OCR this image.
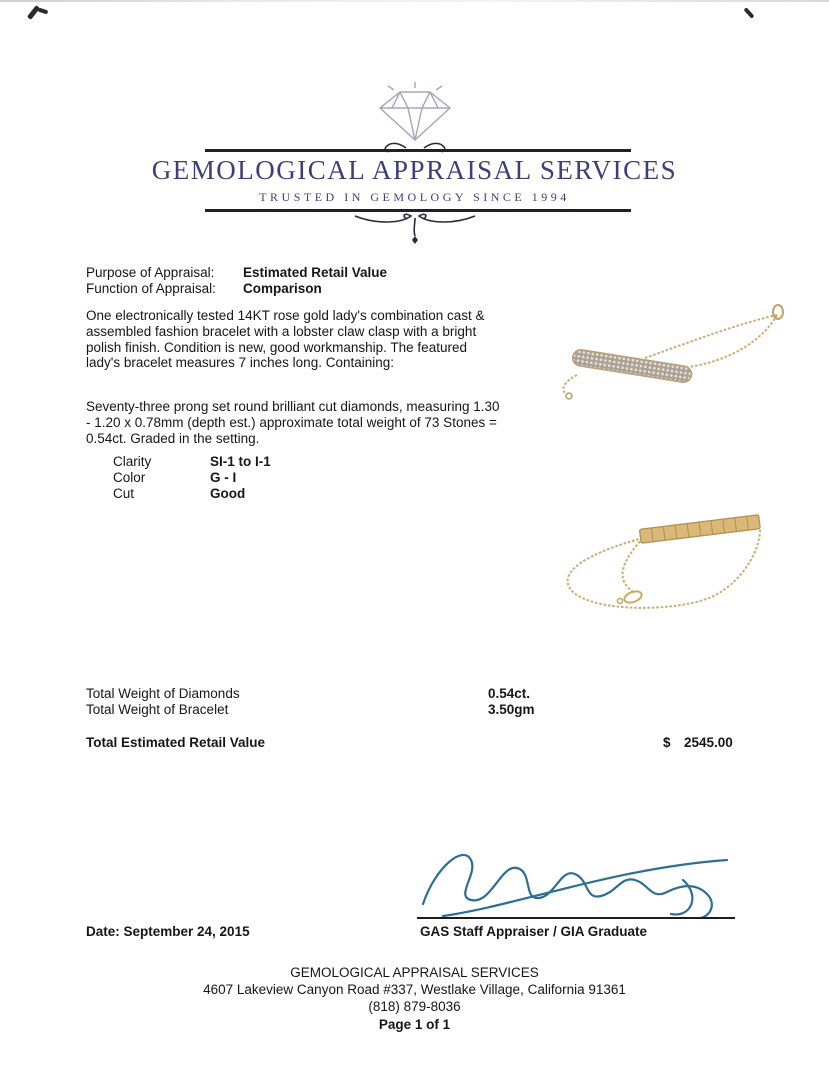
GEMOLOGICAL APPRAISAL SERVICES
TRUSTED IN GEMOLOGY SINCE 1994
Purpose of Appraisal: Estimated Retail Value
Function of Appraisal: Comparison
One electronically tested 14KT rose gold lady's combination cast & assembled fashion bracelet with a lobster claw clasp with a bright polish finish. Condition is new, good workmanship. The featured lady's bracelet measures 7 inches long. Containing:
Seventy-three prong set round brilliant cut diamonds, measuring 1.30 - 1.20 x 0.78mm (depth est.) approximate total weight of 73 Stones = 0.54ct. Graded in the setting.
Clarity	SI-1 to I-1
Color	G - I
Cut	Good
Total Weight of Diamonds	0.54ct.
Total Weight of Bracelet	3.50gm
Total Estimated Retail Value	$ 2545.00
Date: September 24, 2015	GAS Staff Appraiser / GIA Graduate
GEMOLOGICAL APPRAISAL SERVICES
4607 Lakeview Canyon Road #337, Westlake Village, California 91361
(818) 879-8036
Page 1 of 1
